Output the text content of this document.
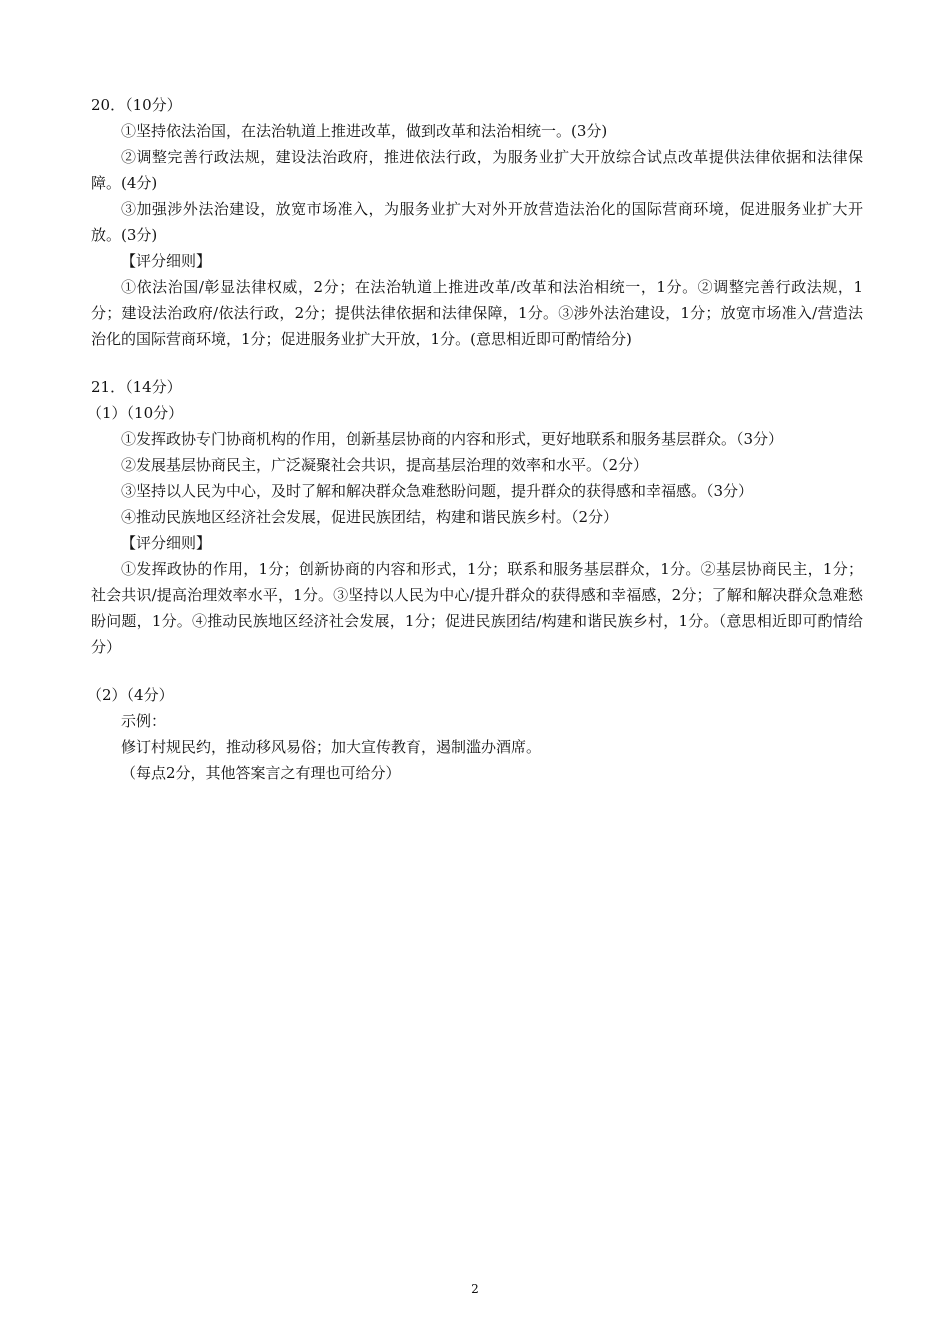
20．（10分）

①坚持依法治国，在法治轨道上推进改革，做到改革和法治相统一。(3分)

②调整完善行政法规，建设法治政府，推进依法行政，为服务业扩大开放综合试点改革提供法律依据和法律保障。(4分)

③加强涉外法治建设，放宽市场准入，为服务业扩大对外开放营造法治化的国际营商环境，促进服务业扩大开放。(3分)

【评分细则】

①依法治国/彰显法律权威，2分；在法治轨道上推进改革/改革和法治相统一，1分。②调整完善行政法规，1分；建设法治政府/依法行政，2分；提供法律依据和法律保障，1分。③涉外法治建设，1分；放宽市场准入/营造法治化的国际营商环境，1分；促进服务业扩大开放，1分。(意思相近即可酌情给分)

21．（14分）

（1）（10分）

①发挥政协专门协商机构的作用，创新基层协商的内容和形式，更好地联系和服务基层群众。（3分）

②发展基层协商民主，广泛凝聚社会共识，提高基层治理的效率和水平。（2分）

③坚持以人民为中心，及时了解和解决群众急难愁盼问题，提升群众的获得感和幸福感。（3分）

④推动民族地区经济社会发展，促进民族团结，构建和谐民族乡村。（2分）

【评分细则】

①发挥政协的作用，1分；创新协商的内容和形式，1分；联系和服务基层群众，1分。②基层协商民主，1分；社会共识/提高治理效率水平，1分。③坚持以人民为中心/提升群众的获得感和幸福感，2分；了解和解决群众急难愁盼问题，1分。④推动民族地区经济社会发展，1分；促进民族团结/构建和谐民族乡村，1分。（意思相近即可酌情给分）

（2）（4分）

示例：

修订村规民约，推动移风易俗；加大宣传教育，遏制滥办酒席。

（每点2分，其他答案言之有理也可给分）

2
